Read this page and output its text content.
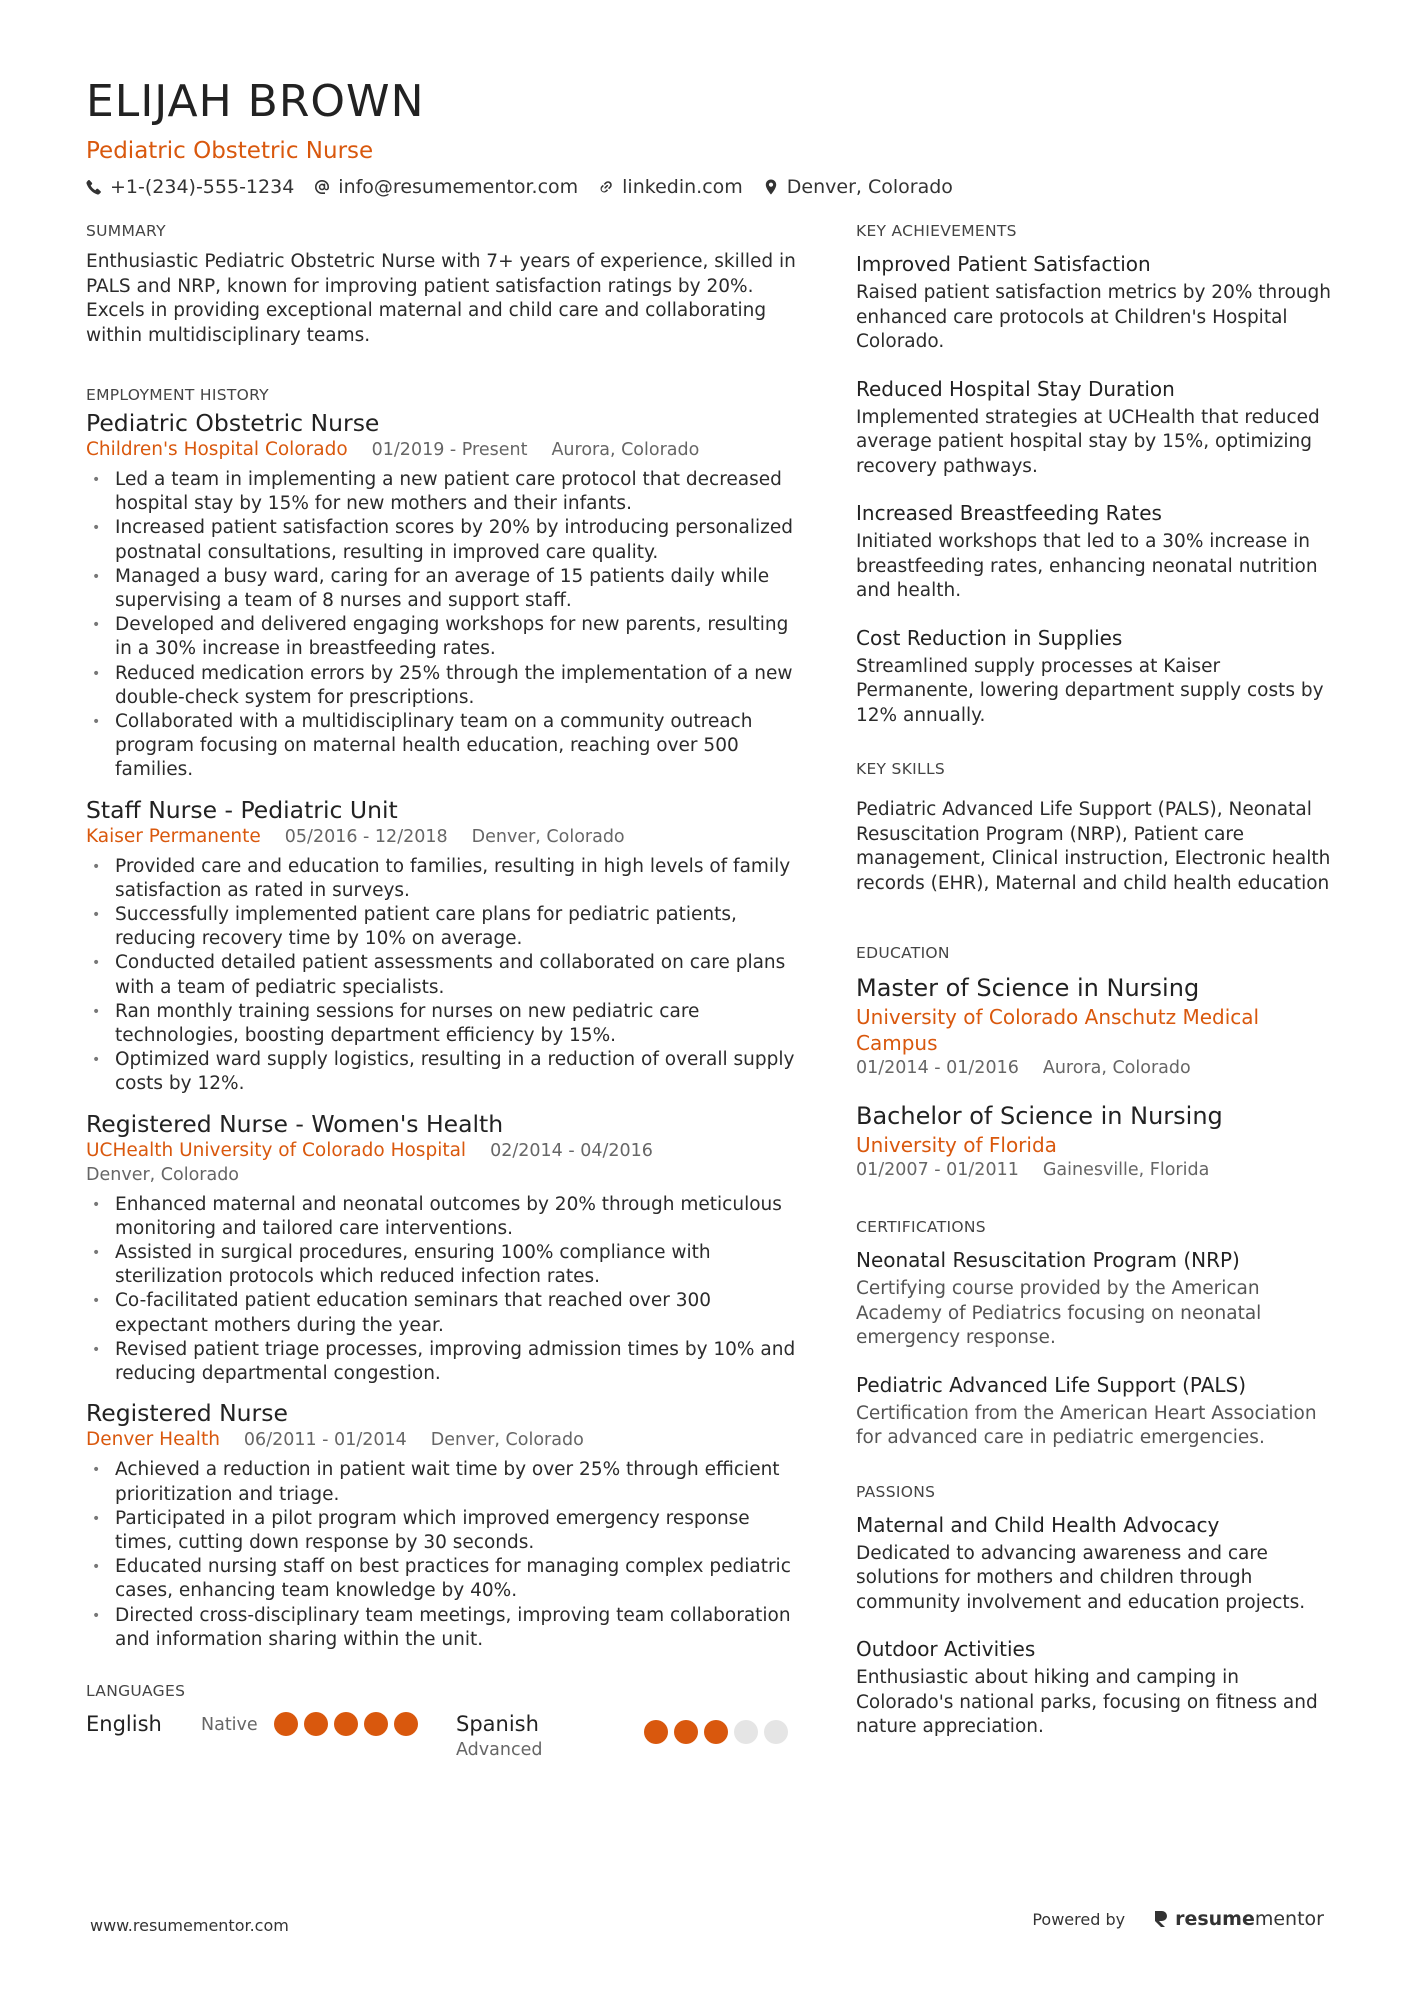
ELIJAH BROWN
Pediatric Obstetric Nurse
+1-(234)-555-1234 info@resumementor.com linkedin.com Denver, Colorado
SUMMARY
Enthusiastic Pediatric Obstetric Nurse with 7+ years of experience, skilled in PALS and NRP, known for improving patient satisfaction ratings by 20%. Excels in providing exceptional maternal and child care and collaborating within multidisciplinary teams.
EMPLOYMENT HISTORY
Pediatric Obstetric Nurse
Children's Hospital Colorado 01/2019 - Present Aurora, Colorado
• Led a team in implementing a new patient care protocol that decreased hospital stay by 15% for new mothers and their infants.
• Increased patient satisfaction scores by 20% by introducing personalized postnatal consultations, resulting in improved care quality.
• Managed a busy ward, caring for an average of 15 patients daily while supervising a team of 8 nurses and support staff.
• Developed and delivered engaging workshops for new parents, resulting in a 30% increase in breastfeeding rates.
• Reduced medication errors by 25% through the implementation of a new double-check system for prescriptions.
• Collaborated with a multidisciplinary team on a community outreach program focusing on maternal health education, reaching over 500 families.
Staff Nurse - Pediatric Unit
Kaiser Permanente 05/2016 - 12/2018 Denver, Colorado
• Provided care and education to families, resulting in high levels of family satisfaction as rated in surveys.
• Successfully implemented patient care plans for pediatric patients, reducing recovery time by 10% on average.
• Conducted detailed patient assessments and collaborated on care plans with a team of pediatric specialists.
• Ran monthly training sessions for nurses on new pediatric care technologies, boosting department efficiency by 15%.
• Optimized ward supply logistics, resulting in a reduction of overall supply costs by 12%.
Registered Nurse - Women's Health
UCHealth University of Colorado Hospital 02/2014 - 04/2016
Denver, Colorado
• Enhanced maternal and neonatal outcomes by 20% through meticulous monitoring and tailored care interventions.
• Assisted in surgical procedures, ensuring 100% compliance with sterilization protocols which reduced infection rates.
• Co-facilitated patient education seminars that reached over 300 expectant mothers during the year.
• Revised patient triage processes, improving admission times by 10% and reducing departmental congestion.
Registered Nurse
Denver Health 06/2011 - 01/2014 Denver, Colorado
• Achieved a reduction in patient wait time by over 25% through efficient prioritization and triage.
• Participated in a pilot program which improved emergency response times, cutting down response by 30 seconds.
• Educated nursing staff on best practices for managing complex pediatric cases, enhancing team knowledge by 40%.
• Directed cross-disciplinary team meetings, improving team collaboration and information sharing within the unit.
LANGUAGES
English	Native	Spanish
Advanced
KEY ACHIEVEMENTS
Improved Patient Satisfaction
Raised patient satisfaction metrics by 20% through enhanced care protocols at Children's Hospital Colorado.
Reduced Hospital Stay Duration
Implemented strategies at UCHealth that reduced average patient hospital stay by 15%, optimizing recovery pathways.
Increased Breastfeeding Rates
Initiated workshops that led to a 30% increase in breastfeeding rates, enhancing neonatal nutrition and health.
Cost Reduction in Supplies
Streamlined supply processes at Kaiser Permanente, lowering department supply costs by 12% annually.
KEY SKILLS
Pediatric Advanced Life Support (PALS), Neonatal Resuscitation Program (NRP), Patient care management, Clinical instruction, Electronic health records (EHR), Maternal and child health education
EDUCATION
Master of Science in Nursing
University of Colorado Anschutz Medical Campus
01/2014 - 01/2016 Aurora, Colorado
Bachelor of Science in Nursing
University of Florida
01/2007 - 01/2011 Gainesville, Florida
CERTIFICATIONS
Neonatal Resuscitation Program (NRP)
Certifying course provided by the American Academy of Pediatrics focusing on neonatal emergency response.
Pediatric Advanced Life Support (PALS)
Certification from the American Heart Association for advanced care in pediatric emergencies.
PASSIONS
Maternal and Child Health Advocacy
Dedicated to advancing awareness and care solutions for mothers and children through community involvement and education projects.
Outdoor Activities
Enthusiastic about hiking and camping in Colorado's national parks, focusing on fitness and nature appreciation.
www.resumementor.com	Powered by	resumementor
